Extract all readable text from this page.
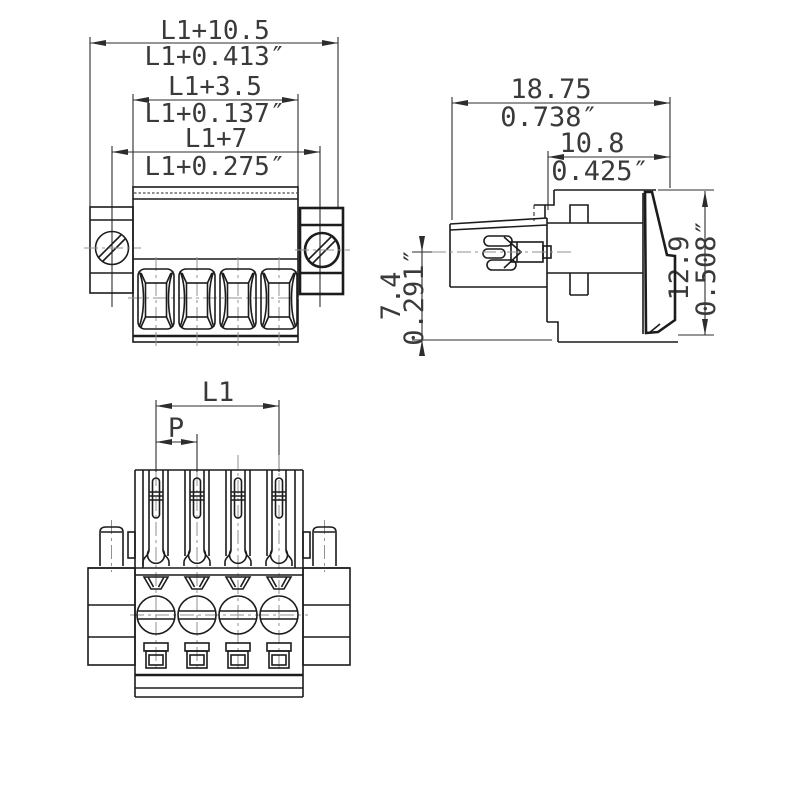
L1+10.5
L1+0.413″
L1+3.5
L1+0.137″
L1+7
L1+0.275″
18.75
0.738″
10.8
0.425″
7.4
0.291″	12.9
0.508″
L1
P
